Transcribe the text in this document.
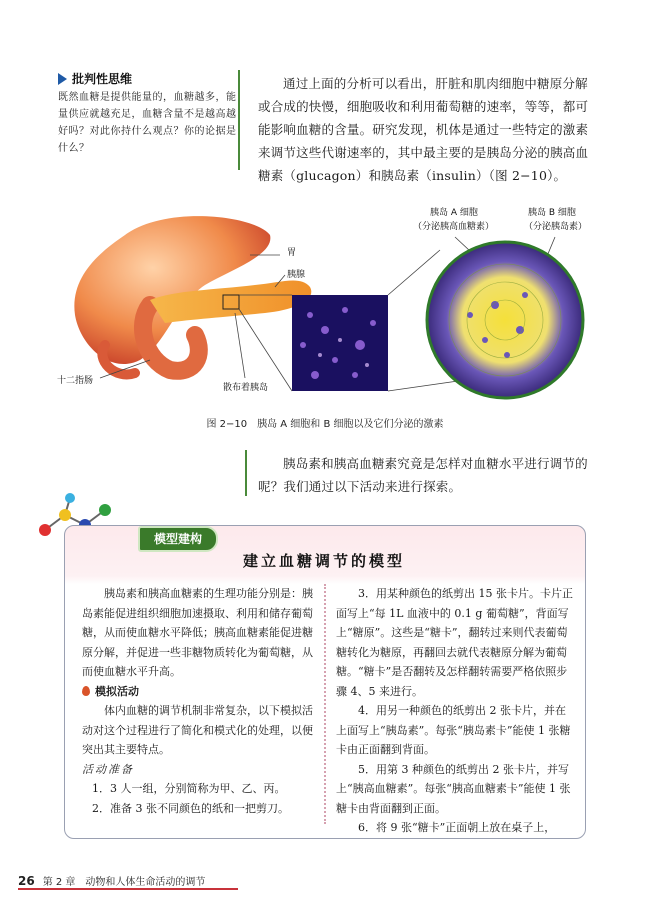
批判性思维
既然血糖是提供能量的，血糖越多，能量供应就越充足，血糖含量不是越高越好吗？对此你持什么观点？你的论据是什么？
通过上面的分析可以看出，肝脏和肌肉细胞中糖原分解或合成的快慢，细胞吸收和利用葡萄糖的速率，等等，都可能影响血糖的含量。研究发现，机体是通过一些特定的激素来调节这些代谢速率的，其中最主要的是胰岛分泌的胰高血糖素（glucagon）和胰岛素（insulin）（图 2−10）。
胃
胰腺
十二指肠
散布着胰岛
胰岛 A 细胞
（分泌胰高血糖素）
胰岛 B 细胞
（分泌胰岛素）
图 2−10　胰岛 A 细胞和 B 细胞以及它们分泌的激素
胰岛素和胰高血糖素究竟是怎样对血糖水平进行调节的呢？我们通过以下活动来进行探索。
模型建构
建立血糖调节的模型

胰岛素和胰高血糖素的生理功能分别是：胰岛素能促进组织细胞加速摄取、利用和储存葡萄糖，从而使血糖水平降低；胰高血糖素能促进糖原分解，并促进一些非糖物质转化为葡萄糖，从而使血糖水平升高。

模拟活动

体内血糖的调节机制非常复杂，以下模拟活动对这个过程进行了简化和模式化的处理，以便突出其主要特点。

活动准备

1．3 人一组，分别简称为甲、乙、丙。

2．准备 3 张不同颜色的纸和一把剪刀。

3．用某种颜色的纸剪出 15 张卡片。卡片正面写上“每 1L 血液中的 0.1 g 葡萄糖”，背面写上“糖原”。这些是“糖卡”，翻转过来则代表葡萄糖转化为糖原，再翻回去就代表糖原分解为葡萄糖。“糖卡”是否翻转及怎样翻转需要严格依照步骤 4、5 来进行。

4．用另一种颜色的纸剪出 2 张卡片，并在上面写上“胰岛素”。每张“胰岛素卡”能使 1 张糖卡由正面翻到背面。

5．用第 3 种颜色的纸剪出 2 张卡片，并写上“胰高血糖素”。每张“胰高血糖素卡”能使 1 张糖卡由背面翻到正面。

6．将 9 张“糖卡”正面朝上放在桌子上，

26 第 2 章　动物和人体生命活动的调节
